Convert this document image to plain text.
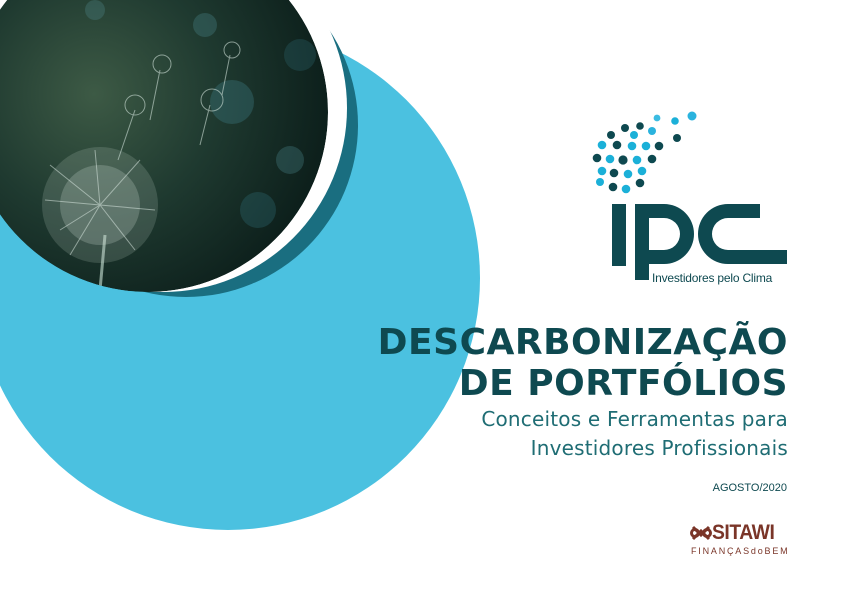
Investidores pelo Clima
DESCARBONIZAÇÃO
DE PORTFÓLIOS
Conceitos e Ferramentas para
Investidores Profissionais
AGOSTO/2020
SITAWI
FINANÇASdoBEM
